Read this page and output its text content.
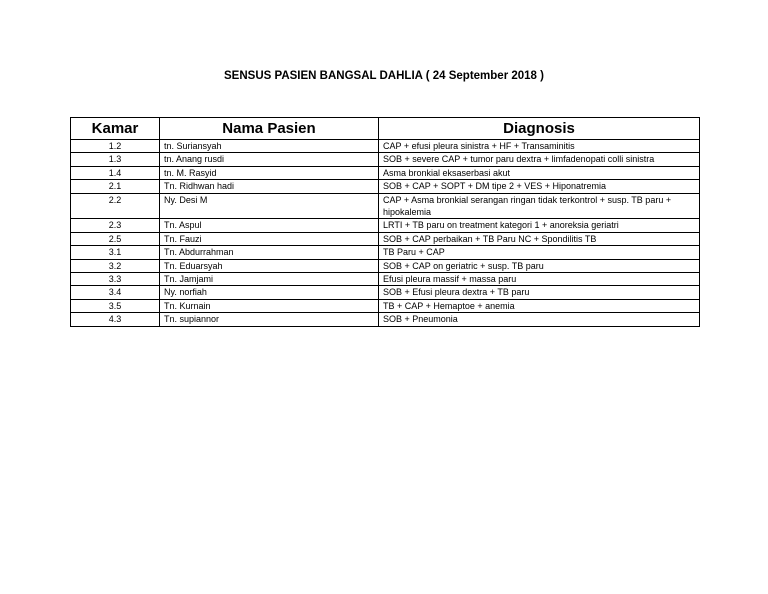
SENSUS PASIEN BANGSAL DAHLIA ( 24 September 2018 )
Kamar	Nama Pasien	Diagnosis
1.2	tn. Suriansyah	CAP + efusi pleura sinistra + HF + Transaminitis
1.3	tn. Anang rusdi	SOB + severe CAP + tumor paru dextra + limfadenopati colli sinistra
1.4	tn. M. Rasyid	Asma bronkial eksaserbasi akut
2.1	Tn. Ridhwan hadi	SOB + CAP + SOPT + DM tipe 2 + VES + Hiponatremia
2.2	Ny. Desi M	CAP + Asma bronkial serangan ringan tidak terkontrol + susp. TB paru + hipokalemia
2.3	Tn. Aspul	LRTI + TB paru on treatment kategori 1 + anoreksia geriatri
2.5	Tn. Fauzi	SOB + CAP perbaikan + TB Paru NC + Spondilitis TB
3.1	Tn. Abdurrahman	TB Paru + CAP
3.2	Tn. Eduarsyah	SOB + CAP on geriatric + susp. TB paru
3.3	Tn. Jamjami	Efusi pleura massif + massa paru
3.4	Ny. norfiah	SOB + Efusi pleura dextra + TB paru
3.5	Tn. Kurnain	TB + CAP + Hemaptoe + anemia
4.3	Tn. supiannor	SOB + Pneumonia
